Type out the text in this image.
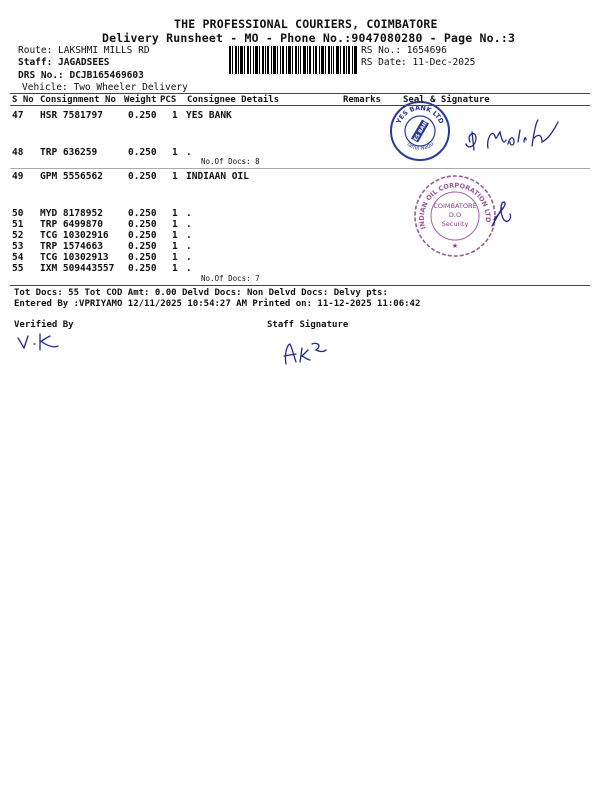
THE PROFESSIONAL COURIERS, COIMBATORE
Delivery Runsheet - MO - Phone No.:9047080280 - Page No.:3
Route: LAKSHMI MILLS RD
Staff: JAGADSEES
DRS No.: DCJB165469603
Vehicle: Two Wheeler Delivery
RS No.: 1654696
RS Date: 11-Dec-2025
S No Consignment No Weight PCS Consignee Details	Remarks Seal & Signature
47 HSR 7581797	0.250 1 YES BANK
48 TRP 636259	0.250 1 .
No.Of Docs: 8
49 GPM 5556562	0.250 1 INDIAAN OIL
50 MYD 8178952	0.250 1 .
51 TRP 6499870	0.250 1 .
52 TCG 10302916 0.250 1 .
53 TRP 1574663	0.250 1 .
54 TCG 10302913 0.250 1 .
55 IXM 509443557 0.250 1 .
No.Of Docs: 7
YES BANK LTD
Tamil Nadu
YES BANK
INDIAN OIL CORPORATION LTD
COIMBATORE
D.O
Security
★
Tot Docs: 55 Tot COD Amt: 0.00 Delvd Docs: Non Delvd Docs: Delvy pts:
Entered By :VPRIYAMO 12/11/2025 10:54:27 AM Printed on: 11-12-2025 11:06:42
Verified By	Staff Signature
